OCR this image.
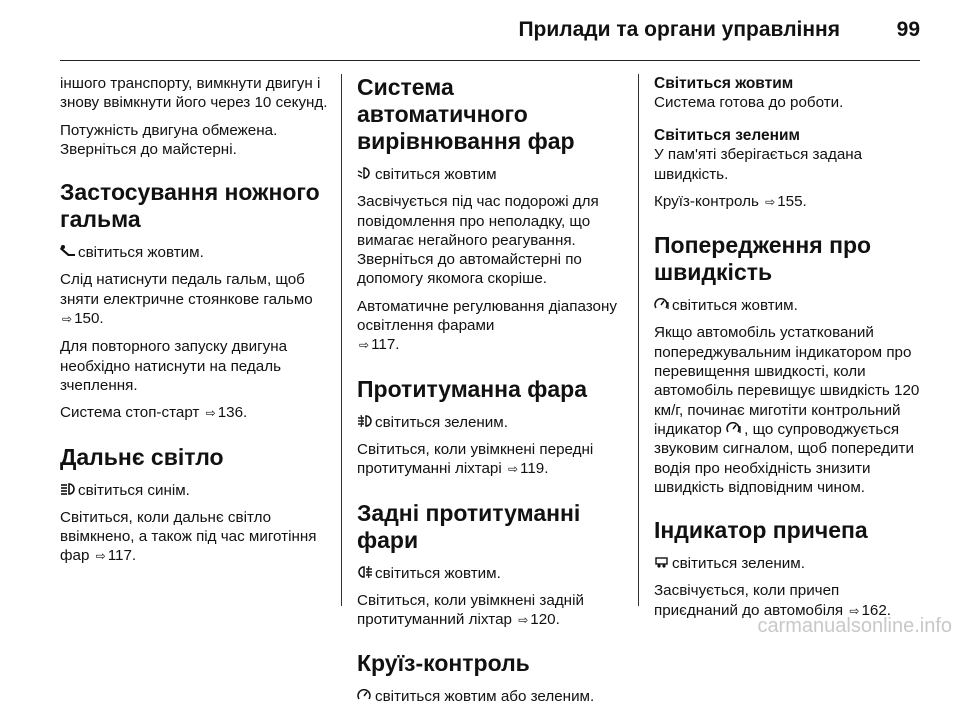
Прилади та органи управління	99

іншого транспорту, вимкнути двигун і знову ввімкнути його через 10 секунд.

Потужність двигуна обмежена. Зверніться до майстерні.

Застосування ножного гальма

світиться жовтим.

Слід натиснути педаль гальм, щоб зняти електричне стоянкове гальмо ⇨ 150.

Для повторного запуску двигуна необхідно натиснути на педаль зчеплення.

Система стоп-старт ⇨ 136.

Дальнє світло

світиться синім.

Світиться, коли дальнє світло ввімкнено, а також під час миготіння фар ⇨ 117.

Система автоматичного вирівнювання фар

світиться жовтим

Засвічується під час подорожі для повідомлення про неполадку, що вимагає негайного реагування. Зверніться до автомайстерні по допомогу якомога скоріше.

Автоматичне регулювання діапазону освітлення фарами
⇨ 117.

Протитуманна фара

світиться зеленим.

Світиться, коли увімкнені передні протитуманні ліхтарі ⇨ 119.

Задні протитуманні фари

світиться жовтим.

Світиться, коли увімкнені задній протитуманний ліхтар ⇨ 120.

Круїз-контроль

світиться жовтим або зеленим.

Світиться жовтим

Система готова до роботи.

Світиться зеленим

У пам'яті зберігається задана швидкість.

Круїз-контроль ⇨ 155.

Попередження про швидкість

світиться жовтим.

Якщо автомобіль устаткований попереджувальним індикатором про перевищення швидкості, коли автомобіль перевищує швидкість 120 км/г, починає миготіти контрольний індикатор , що супроводжується звуковим сигналом, щоб попередити водія про необхідність знизити швидкість відповідним чином.

Індикатор причепа

світиться зеленим.

Засвічується, коли причеп приєднаний до автомобіля ⇨ 162.

carmanualsonline.info
